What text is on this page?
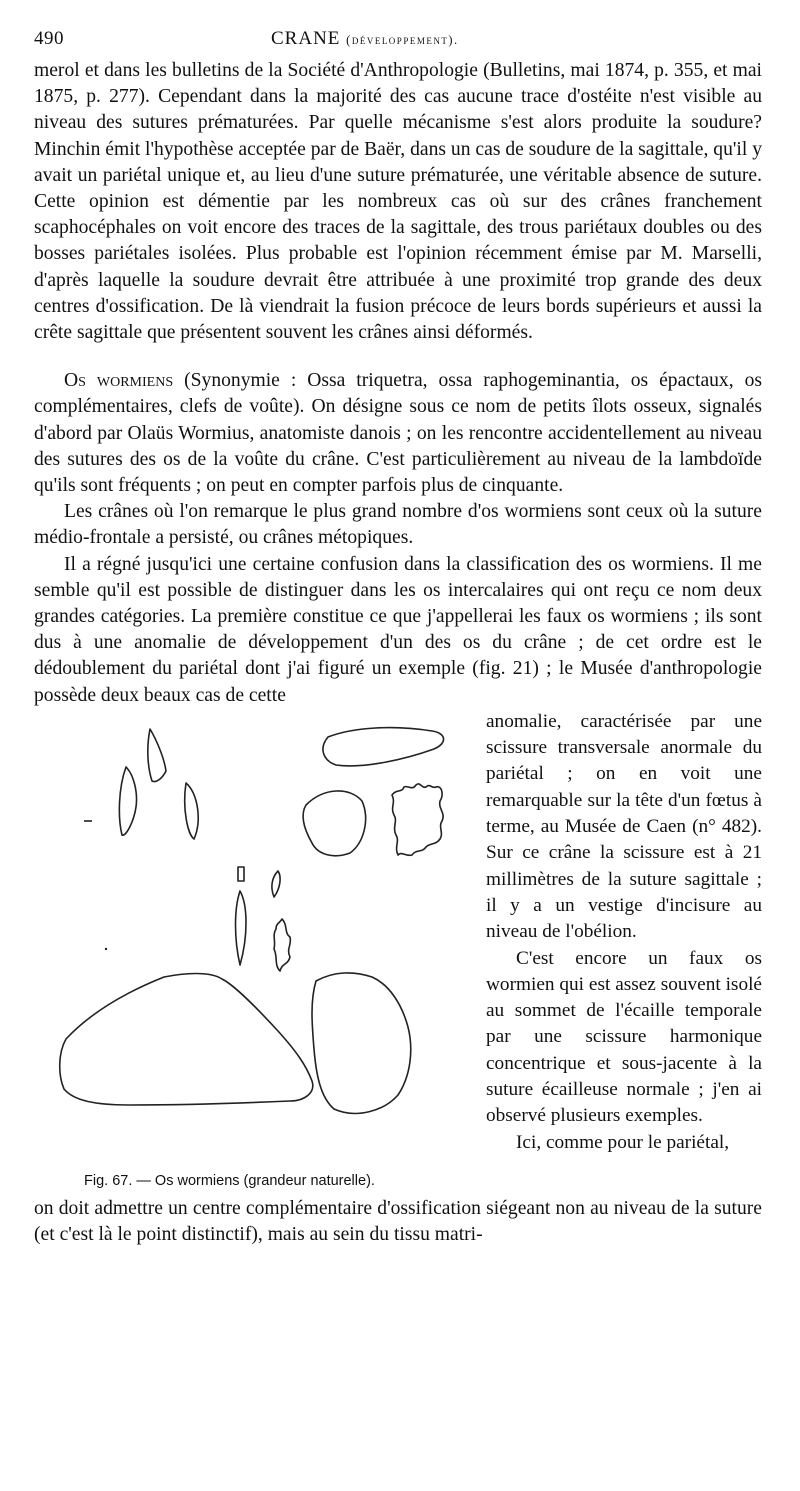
490	CRANE (développement).

merol et dans les bulletins de la Société d'Anthropologie (Bulletins, mai 1874, p. 355, et mai 1875, p. 277). Cependant dans la majorité des cas aucune trace d'ostéite n'est visible au niveau des sutures prématurées. Par quelle mécanisme s'est alors produite la soudure? Minchin émit l'hypothèse acceptée par de Baër, dans un cas de soudure de la sagittale, qu'il y avait un pariétal unique et, au lieu d'une suture prématurée, une véritable absence de suture. Cette opinion est démentie par les nombreux cas où sur des crânes franchement scaphocéphales on voit encore des traces de la sagittale, des trous pariétaux doubles ou des bosses pariétales isolées. Plus probable est l'opinion récemment émise par M. Marselli, d'après laquelle la soudure devrait être attribuée à une proximité trop grande des deux centres d'ossification. De là viendrait la fusion précoce de leurs bords supérieurs et aussi la crête sagittale que présentent souvent les crânes ainsi déformés.

Os wormiens (Synonymie : Ossa triquetra, ossa raphogeminantia, os épactaux, os complémentaires, clefs de voûte). On désigne sous ce nom de petits îlots osseux, signalés d'abord par Olaüs Wormius, anatomiste danois ; on les rencontre accidentellement au niveau des sutures des os de la voûte du crâne. C'est particulièrement au niveau de la lambdoïde qu'ils sont fréquents ; on peut en compter parfois plus de cinquante.

Les crânes où l'on remarque le plus grand nombre d'os wormiens sont ceux où la suture médio-frontale a persisté, ou crânes métopiques.

Il a régné jusqu'ici une certaine confusion dans la classification des os wormiens. Il me semble qu'il est possible de distinguer dans les os intercalaires qui ont reçu ce nom deux grandes catégories. La première constitue ce que j'appellerai les faux os wormiens ; ils sont dus à une anomalie de développement d'un des os du crâne ; de cet ordre est le dédoublement du pariétal dont j'ai figuré un exemple (fig. 21) ; le Musée d'anthropologie possède deux beaux cas de cette

Fig. 67. — Os wormiens (grandeur naturelle).

anomalie, caractérisée par une scissure transversale anormale du pariétal ; on en voit une remarquable sur la tête d'un fœtus à terme, au Musée de Caen (n° 482). Sur ce crâne la scissure est à 21 millimètres de la suture sagittale ; il y a un vestige d'incisure au niveau de l'obélion.

C'est encore un faux os wormien qui est assez souvent isolé au sommet de l'écaille temporale par une scissure harmonique concentrique et sous-jacente à la suture écailleuse normale ; j'en ai observé plusieurs exemples.

Ici, comme pour le pariétal,

on doit admettre un centre complémentaire d'ossification siégeant non au niveau de la suture (et c'est là le point distinctif), mais au sein du tissu matri-
